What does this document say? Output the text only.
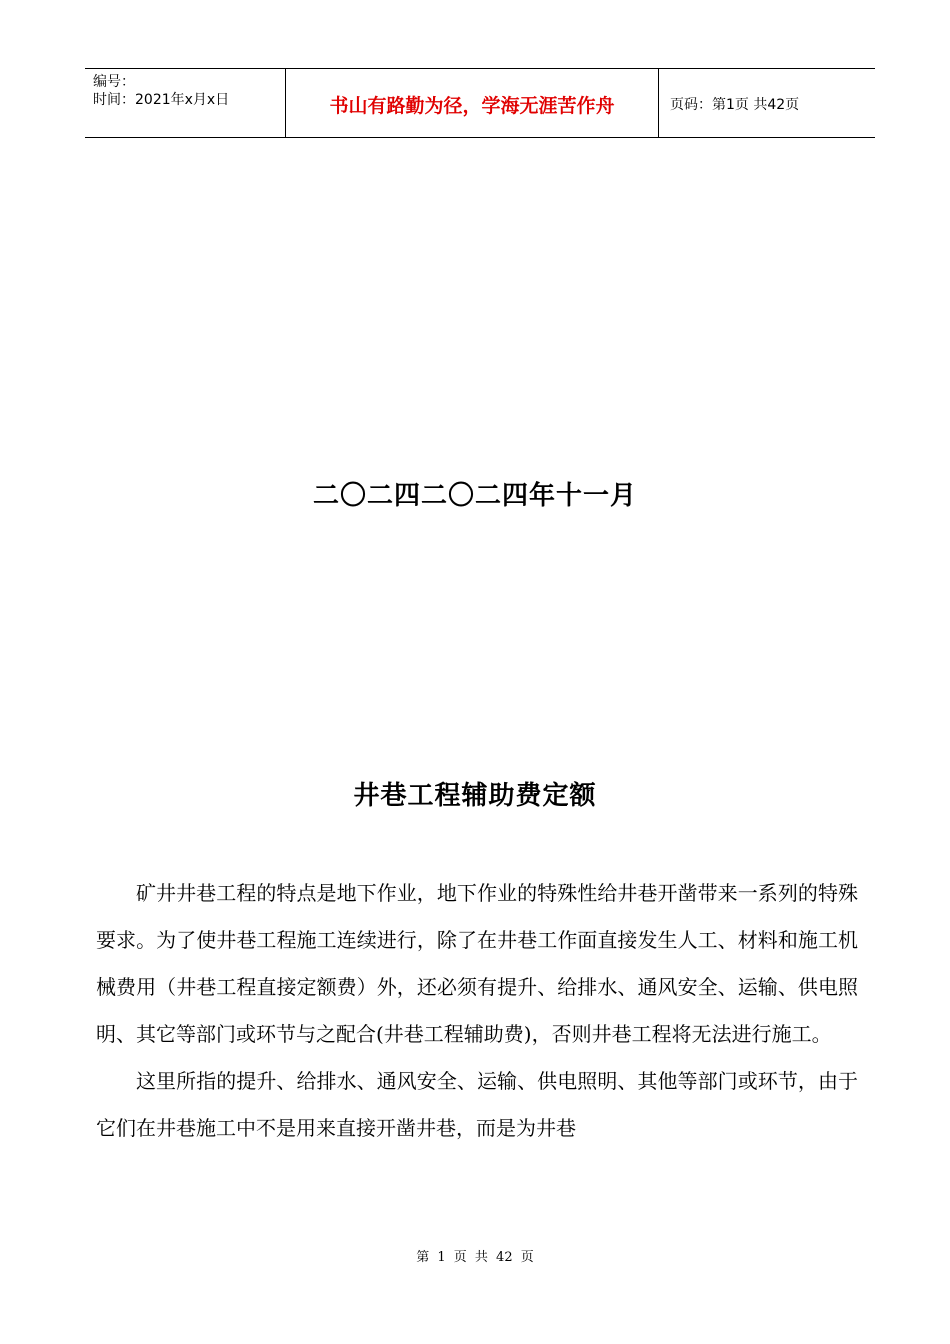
编号：
时间：2021年x月x日	书山有路勤为径，学海无涯苦作舟	页码：第1页 共42页
二〇二四二〇二四年十一月
井巷工程辅助费定额

矿井井巷工程的特点是地下作业，地下作业的特殊性给井巷开凿带来一系列的特殊要求。为了使井巷工程施工连续进行，除了在井巷工作面直接发生人工、材料和施工机械费用（井巷工程直接定额费）外，还必须有提升、给排水、通风安全、运输、供电照明、其它等部门或环节与之配合(井巷工程辅助费)，否则井巷工程将无法进行施工。

这里所指的提升、给排水、通风安全、运输、供电照明、其他等部门或环节，由于它们在井巷施工中不是用来直接开凿井巷，而是为井巷

第 1 页 共 42 页
